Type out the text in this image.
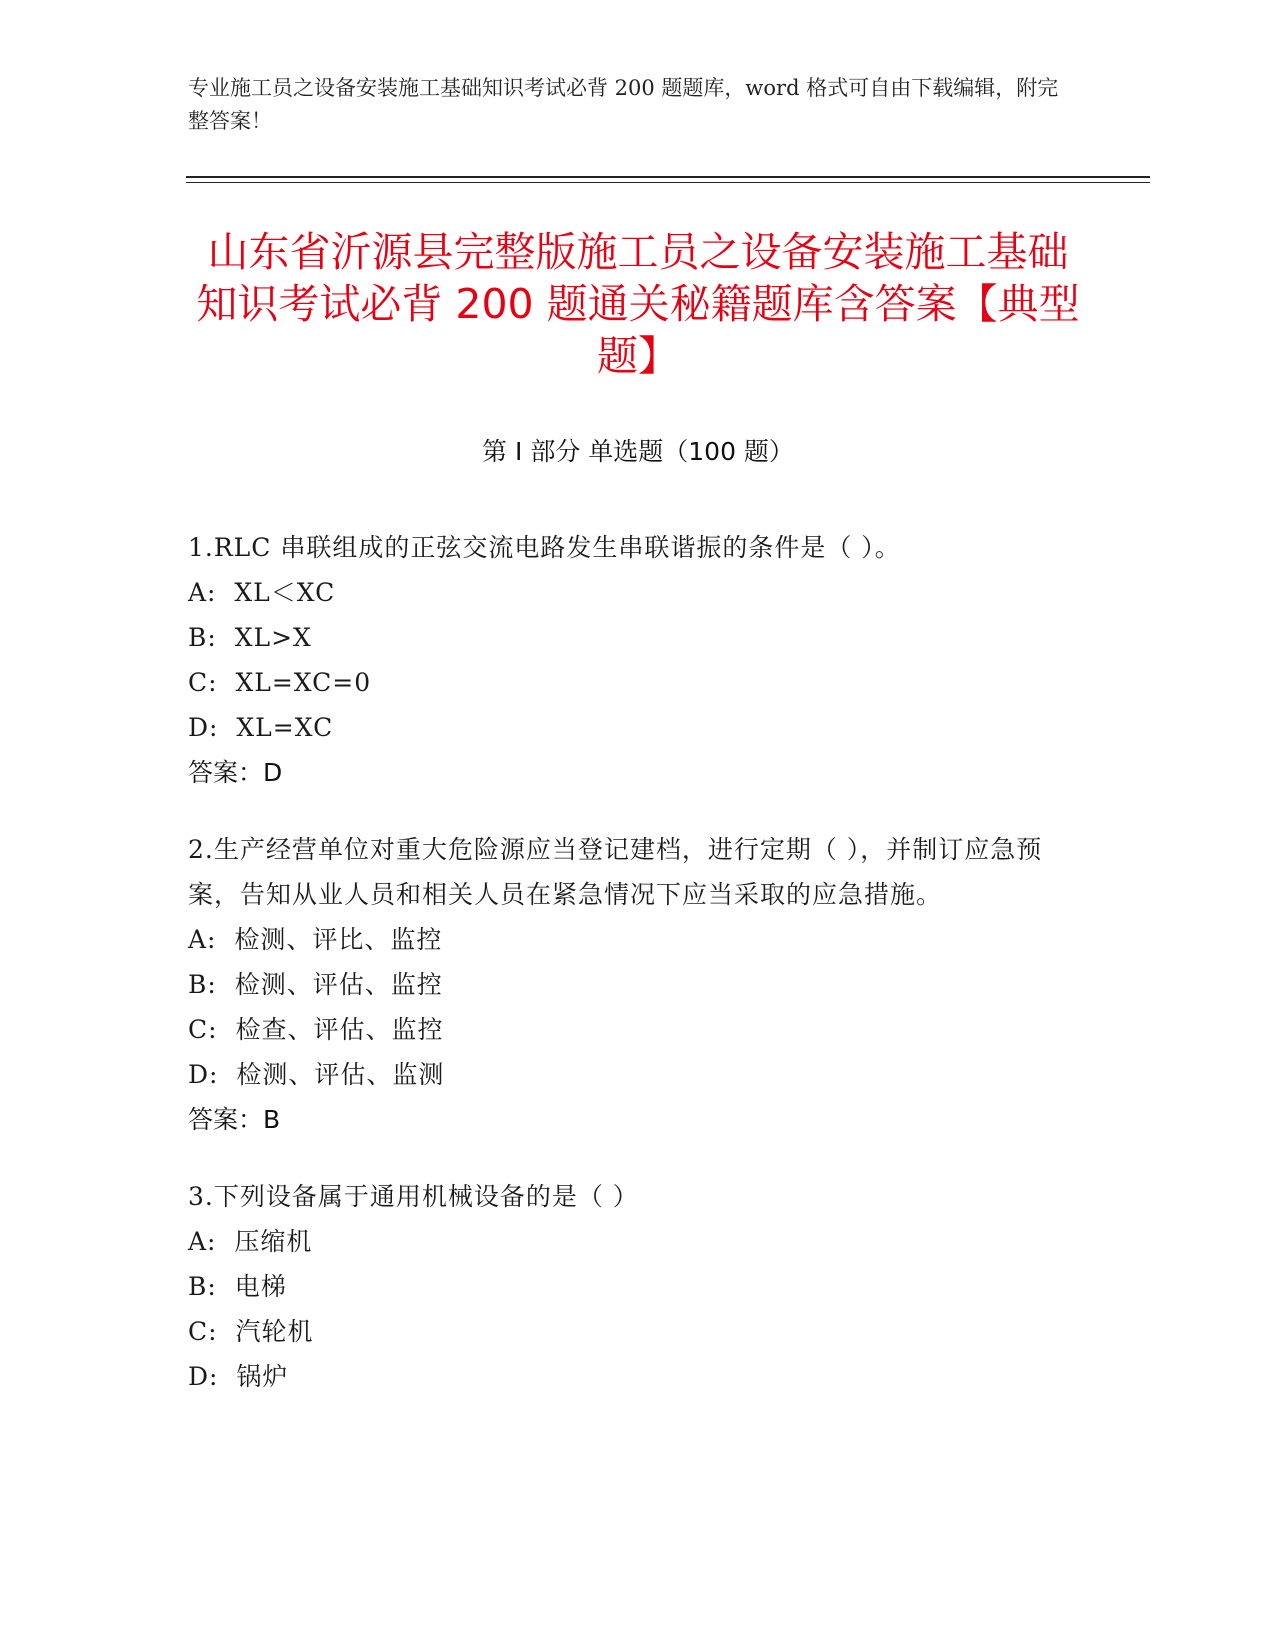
专业施工员之设备安装施工基础知识考试必背 200 题题库，word 格式可自由下载编辑，附完整答案！
山东省沂源县完整版施工员之设备安装施工基础知识考试必背 200 题通关秘籍题库含答案【典型题】
第 I 部分 单选题（100 题）
1.RLC 串联组成的正弦交流电路发生串联谐振的条件是（ ）。
A:  XL＜XC
B:  XL>X
C:  XL=XC=0
D:  XL=XC
答案：D
2.生产经营单位对重大危险源应当登记建档，进行定期（ ），并制订应急预案，告知从业人员和相关人员在紧急情况下应当采取的应急措施。
A:  检测、评比、监控
B:  检测、评估、监控
C:  检查、评估、监控
D:  检测、评估、监测
答案：B
3.下列设备属于通用机械设备的是（ ）
A:  压缩机
B:  电梯
C:  汽轮机
D:  锅炉
